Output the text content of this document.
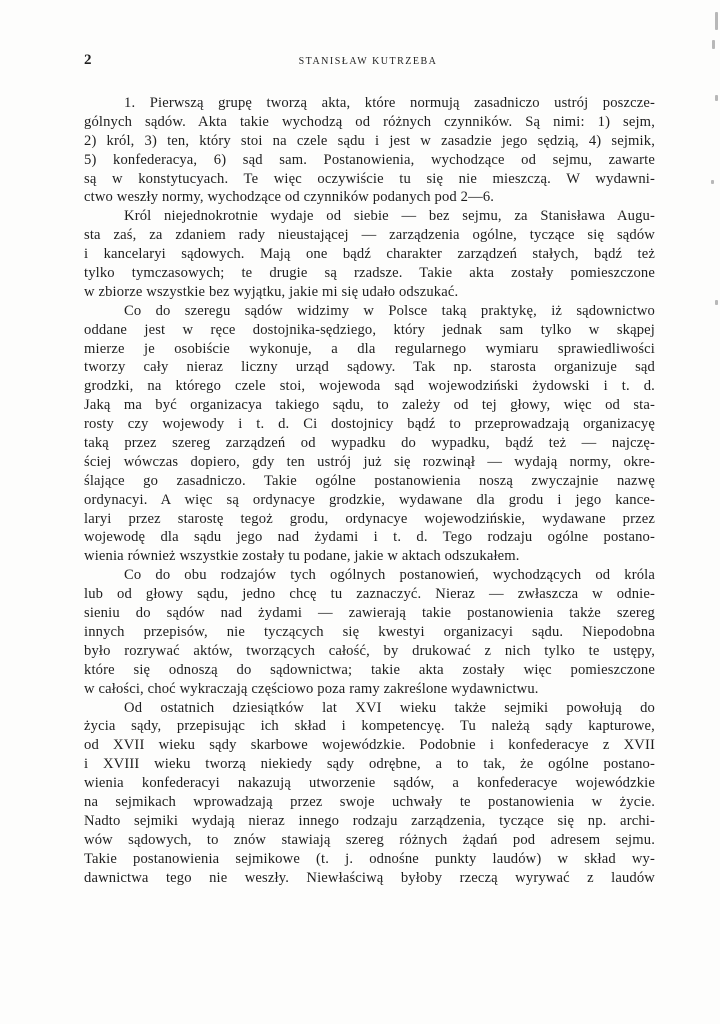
2	STANISŁAW KUTRZEBA
1. Pierwszą grupę tworzą akta, które normują zasadniczo ustrój poszcze-
gólnych sądów. Akta takie wychodzą od różnych czynników. Są nimi: 1) sejm,
2) król, 3) ten, który stoi na czele sądu i jest w zasadzie jego sędzią, 4) sejmik,
5) konfederacya, 6) sąd sam. Postanowienia, wychodzące od sejmu, zawarte
są w konstytucyach. Te więc oczywiście tu się nie mieszczą. W wydawni-
ctwo weszły normy, wychodzące od czynników podanych pod 2—6.
Król niejednokrotnie wydaje od siebie — bez sejmu, za Stanisława Augu-
sta zaś, za zdaniem rady nieustającej — zarządzenia ogólne, tyczące się sądów
i kancelaryi sądowych. Mają one bądź charakter zarządzeń stałych, bądź też
tylko tymczasowych; te drugie są rzadsze. Takie akta zostały pomieszczone
w zbiorze wszystkie bez wyjątku, jakie mi się udało odszukać.
Co do szeregu sądów widzimy w Polsce taką praktykę, iż sądownictwo
oddane jest w ręce dostojnika-sędziego, który jednak sam tylko w skąpej
mierze je osobiście wykonuje, a dla regularnego wymiaru sprawiedliwości
tworzy cały nieraz liczny urząd sądowy. Tak np. starosta organizuje sąd
grodzki, na którego czele stoi, wojewoda sąd wojewodziński żydowski i t. d.
Jaką ma być organizacya takiego sądu, to zależy od tej głowy, więc od sta-
rosty czy wojewody i t. d. Ci dostojnicy bądź to przeprowadzają organizacyę
taką przez szereg zarządzeń od wypadku do wypadku, bądź też — najczę-
ściej wówczas dopiero, gdy ten ustrój już się rozwinął — wydają normy, okre-
ślające go zasadniczo. Takie ogólne postanowienia noszą zwyczajnie nazwę
ordynacyi. A więc są ordynacye grodzkie, wydawane dla grodu i jego kance-
laryi przez starostę tegoż grodu, ordynacye wojewodzińskie, wydawane przez
wojewodę dla sądu jego nad żydami i t. d. Tego rodzaju ogólne postano-
wienia również wszystkie zostały tu podane, jakie w aktach odszukałem.
Co do obu rodzajów tych ogólnych postanowień, wychodzących od króla
lub od głowy sądu, jedno chcę tu zaznaczyć. Nieraz — zwłaszcza w odnie-
sieniu do sądów nad żydami — zawierają takie postanowienia także szereg
innych przepisów, nie tyczących się kwestyi organizacyi sądu. Niepodobna
było rozrywać aktów, tworzących całość, by drukować z nich tylko te ustępy,
które się odnoszą do sądownictwa; takie akta zostały więc pomieszczone
w całości, choć wykraczają częściowo poza ramy zakreślone wydawnictwu.
Od ostatnich dziesiątków lat XVI wieku także sejmiki powołują do
życia sądy, przepisując ich skład i kompetencyę. Tu należą sądy kapturowe,
od XVII wieku sądy skarbowe wojewódzkie. Podobnie i konfederacye z XVII
i XVIII wieku tworzą niekiedy sądy odrębne, a to tak, że ogólne postano-
wienia konfederacyi nakazują utworzenie sądów, a konfederacye wojewódzkie
na sejmikach wprowadzają przez swoje uchwały te postanowienia w życie.
Nadto sejmiki wydają nieraz innego rodzaju zarządzenia, tyczące się np. archi-
wów sądowych, to znów stawiają szereg różnych żądań pod adresem sejmu.
Takie postanowienia sejmikowe (t. j. odnośne punkty laudów) w skład wy-
dawnictwa tego nie weszły. Niewłaściwą byłoby rzeczą wyrywać z laudów
